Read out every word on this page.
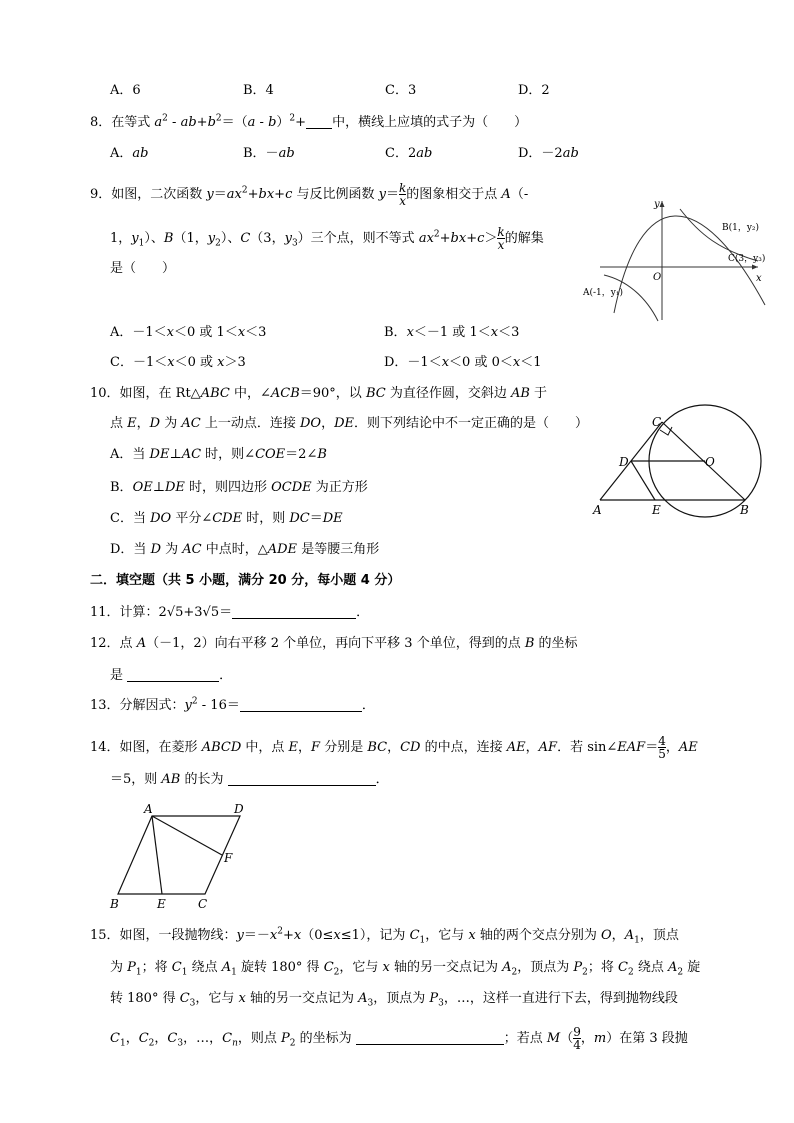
A．6	B．4	C．3	D．2
8．在等式 $a^2 - ab+b^2=(a - b)^2+$ 中，横线上应填的式子为（　　）
A．ab	B．－ab	C．2ab	D．－2ab
9．如图，二次函数 $y=ax^2+bx+c$ 与反比例函数 $y= \frac{k}{x}$ 的图象相交于点 A（-
1，$y_1$）、B（1，$y_2$）、C（3，$y_3$）三个点，则不等式 $ax^2+bx+c> \frac{k}{x}$ 的解集
是（　　）
A．－1＜x＜0 或 1＜x＜3	B．x＜－1 或 1＜x＜3
C．－1＜x＜0 或 x＞3	D．－1＜x＜0 或 0＜x＜1
y
x
O
B(1，y₂)
C(3，y₃)
A(-1，y₁)
10．如图，在 Rt△ABC 中，∠ACB＝90°，以 BC 为直径作圆，交斜边 AB 于
点 E，D 为 AC 上一动点．连接 DO，DE．则下列结论中不一定正确的是（　　）
A．当 DE⊥AC 时，则∠COE＝2∠B
B．OE⊥DE 时，则四边形 OCDE 为正方形
C．当 DO 平分∠CDE 时，则 DC＝DE
D．当 D 为 AC 中点时，△ADE 是等腰三角形
C
D	O
A	E	B
二．填空题（共 5 小题，满分 20 分，每小题 4 分）
11．计算：2√5+3√5＝	．
12．点 A（－1，2）向右平移 2 个单位，再向下平移 3 个单位，得到的点 B 的坐标
是	．
13．分解因式：$y^2 - 16=$	．
14．如图，在菱形 ABCD 中，点 E，F 分别是 BC，CD 的中点，连接 AE，AF．若 sin∠EAF＝ $\frac{4}{5}$ ，AE
＝5，则 AB 的长为	．
A	D
F
B	E	C
15．如图，一段抛物线：$y=-x^2+x(0\le x\le 1)$，记为 $C_1$，它与 x 轴的两个交点分别为 O，$A_1$，顶点
为 $P_1$；将 $C_1$ 绕点 $A_1$ 旋转 180° 得 $C_2$，它与 x 轴的另一交点记为 $A_2$，顶点为 $P_2$；将 $C_2$ 绕点 $A_2$ 旋
转 180° 得 $C_3$，它与 x 轴的另一交点记为 $A_3$，顶点为 $P_3$，…，这样一直进行下去，得到抛物线段
$C_1$，$C_2$，$C_3$，…，$C_n$，则点 $P_2$ 的坐标为	；若点 $M( \frac{9}{4}$ ，m）在第 3 段抛
